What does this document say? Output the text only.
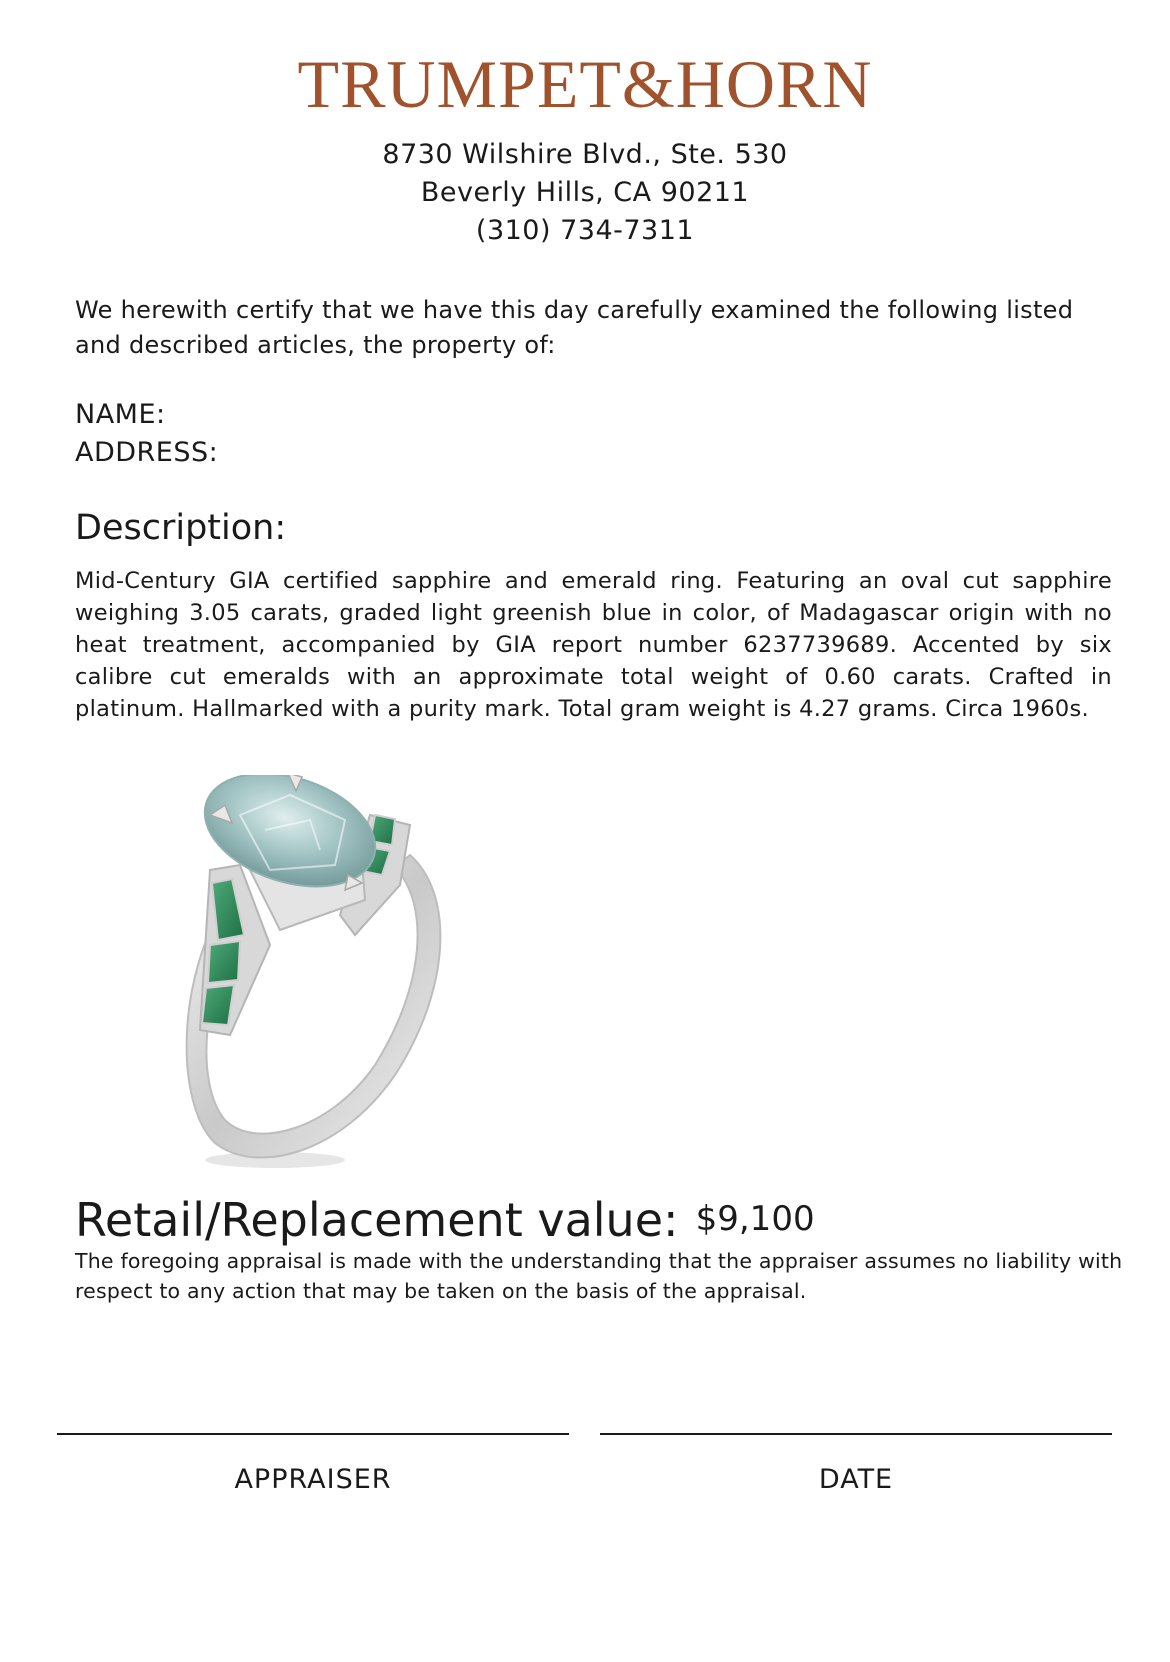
TRUMPET&HORN
8730 Wilshire Blvd., Ste. 530
Beverly Hills, CA 90211
(310) 734-7311
We herewith certify that we have this day carefully examined the following listed and described articles, the property of:
NAME:
ADDRESS:
Description:
Mid-Century GIA certified sapphire and emerald ring. Featuring an oval cut sapphire weighing 3.05 carats, graded light greenish blue in color, of Madagascar origin with no heat treatment, accompanied by GIA report number 6237739689. Accented by six calibre cut emeralds with an approximate total weight of 0.60 carats. Crafted in platinum. Hallmarked with a purity mark. Total gram weight is 4.27 grams. Circa 1960s.
Retail/Replacement value: $9,100
The foregoing appraisal is made with the understanding that the appraiser assumes no liability with respect to any action that may be taken on the basis of the appraisal.
APPRAISER	DATE
